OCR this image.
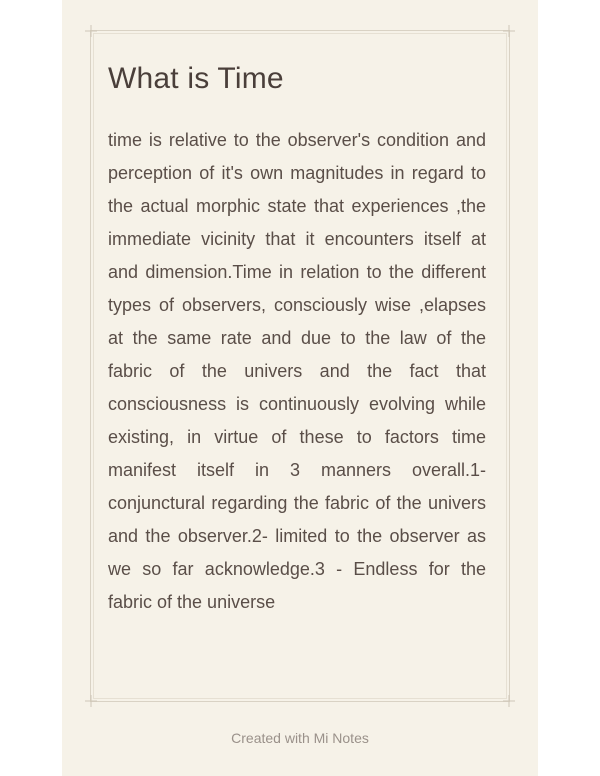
What is Time

time is relative to the observer's condition and perception of it's own magnitudes in regard to the actual morphic state that experiences ,the immediate vicinity that it encounters itself at and dimension.Time in relation to the different types of observers, consciously wise ,elapses at the same rate and due to the law of the fabric of the univers and the fact that consciousness is continuously evolving while existing, in virtue of these to factors time manifest itself in 3 manners overall.1- conjunctural regarding the fabric of the univers and the observer.2- limited to the observer as we so far acknowledge.3 - Endless for the fabric of the universe

Created with Mi Notes
